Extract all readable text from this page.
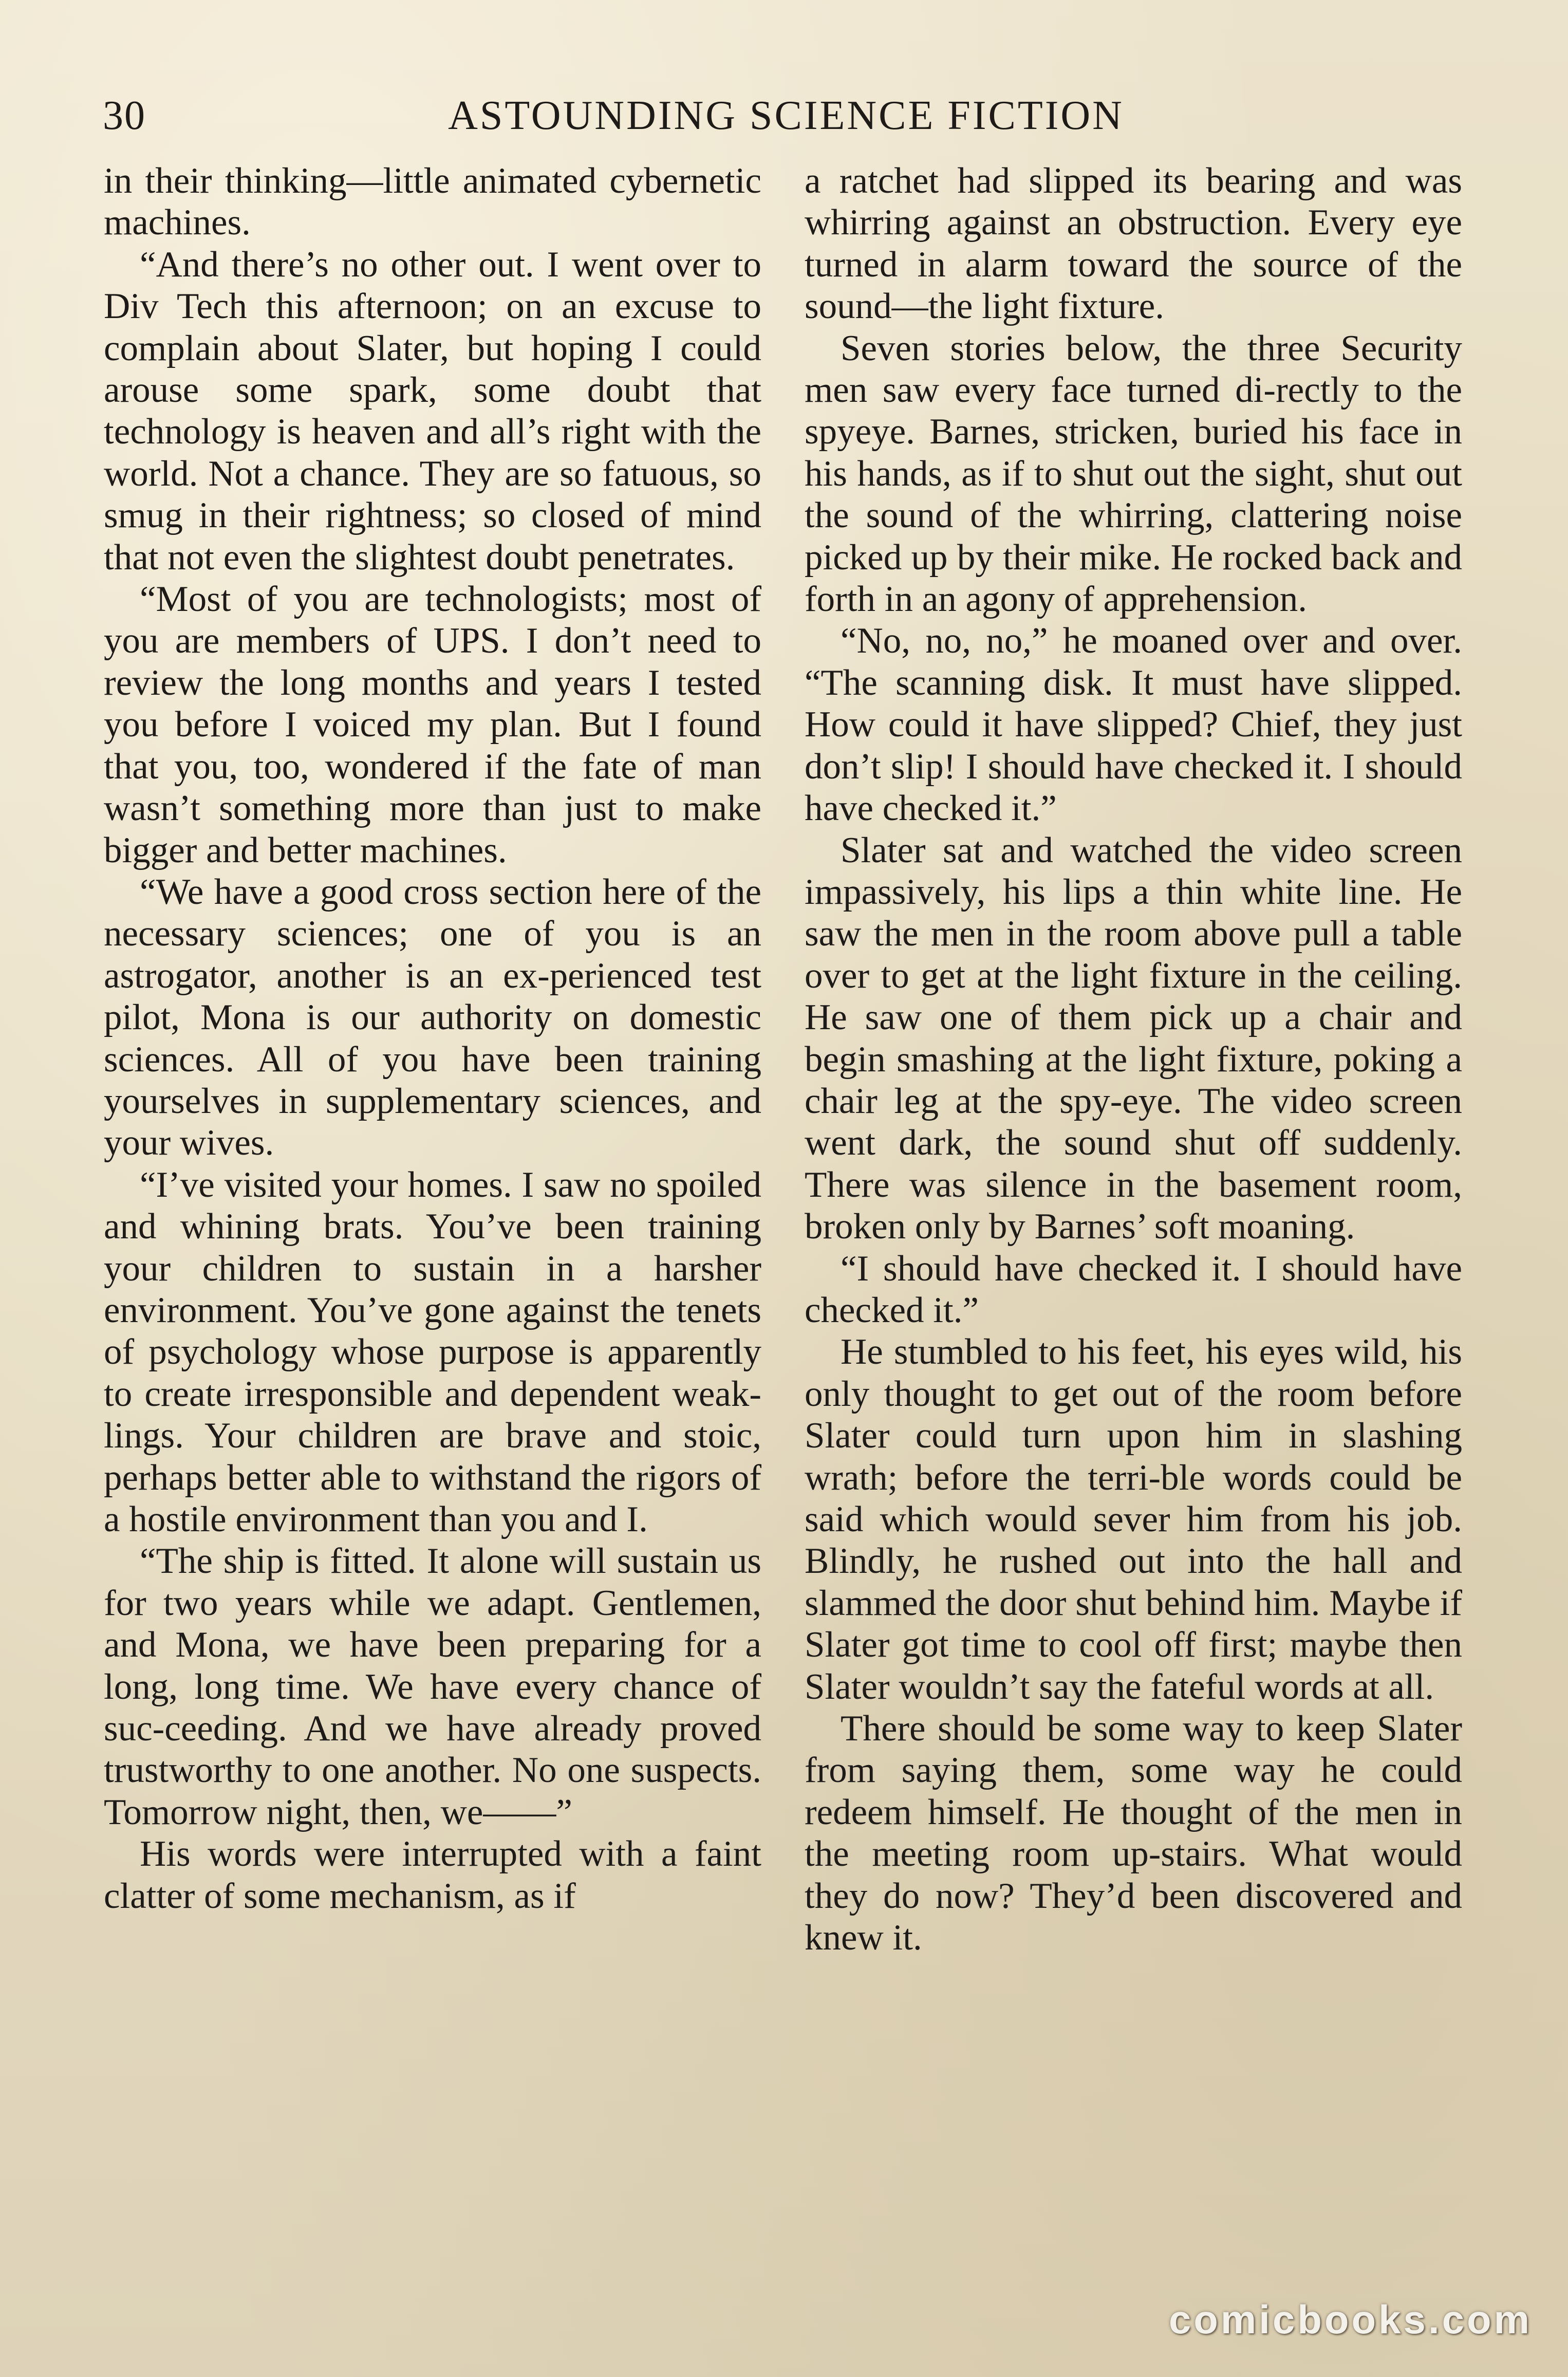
30	ASTOUNDING SCIENCE FICTION

in their thinking—little animated cybernetic machines.

“And there’s no other out. I went over to Div Tech this afternoon; on an excuse to complain about Slater, but hoping I could arouse some spark, some doubt that technology is heaven and all’s right with the world. Not a chance. They are so fatuous, so smug in their rightness; so closed of mind that not even the slightest doubt penetrates.

“Most of you are technologists; most of you are members of UPS. I don’t need to review the long months and years I tested you before I voiced my plan. But I found that you, too, wondered if the fate of man wasn’t something more than just to make bigger and better machines.

“We have a good cross section here of the necessary sciences; one of you is an astrogator, another is an ex-perienced test pilot, Mona is our authority on domestic sciences. All of you have been training yourselves in supplementary sciences, and your wives.

“I’ve visited your homes. I saw no spoiled and whining brats. You’ve been training your children to sustain in a harsher environment. You’ve gone against the tenets of psychology whose purpose is apparently to create irresponsible and dependent weak-lings. Your children are brave and stoic, perhaps better able to withstand the rigors of a hostile environment than you and I.

“The ship is fitted. It alone will sustain us for two years while we adapt. Gentlemen, and Mona, we have been preparing for a long, long time. We have every chance of suc-ceeding. And we have already proved trustworthy to one another. No one suspects. Tomorrow night, then, we——”

His words were interrupted with a faint clatter of some mechanism, as if

a ratchet had slipped its bearing and was whirring against an obstruction. Every eye turned in alarm toward the source of the sound—the light fixture.

Seven stories below, the three Security men saw every face turned di-rectly to the spyeye. Barnes, stricken, buried his face in his hands, as if to shut out the sight, shut out the sound of the whirring, clattering noise picked up by their mike. He rocked back and forth in an agony of apprehension.

“No, no, no,” he moaned over and over. “The scanning disk. It must have slipped. How could it have slipped? Chief, they just don’t slip! I should have checked it. I should have checked it.”

Slater sat and watched the video screen impassively, his lips a thin white line. He saw the men in the room above pull a table over to get at the light fixture in the ceiling. He saw one of them pick up a chair and begin smashing at the light fixture, poking a chair leg at the spy-eye. The video screen went dark, the sound shut off suddenly. There was silence in the basement room, broken only by Barnes’ soft moaning.

“I should have checked it. I should have checked it.”

He stumbled to his feet, his eyes wild, his only thought to get out of the room before Slater could turn upon him in slashing wrath; before the terri-ble words could be said which would sever him from his job. Blindly, he rushed out into the hall and slammed the door shut behind him. Maybe if Slater got time to cool off first; maybe then Slater wouldn’t say the fateful words at all.

There should be some way to keep Slater from saying them, some way he could redeem himself. He thought of the men in the meeting room up-stairs. What would they do now? They’d been discovered and knew it.

comicbooks.com
